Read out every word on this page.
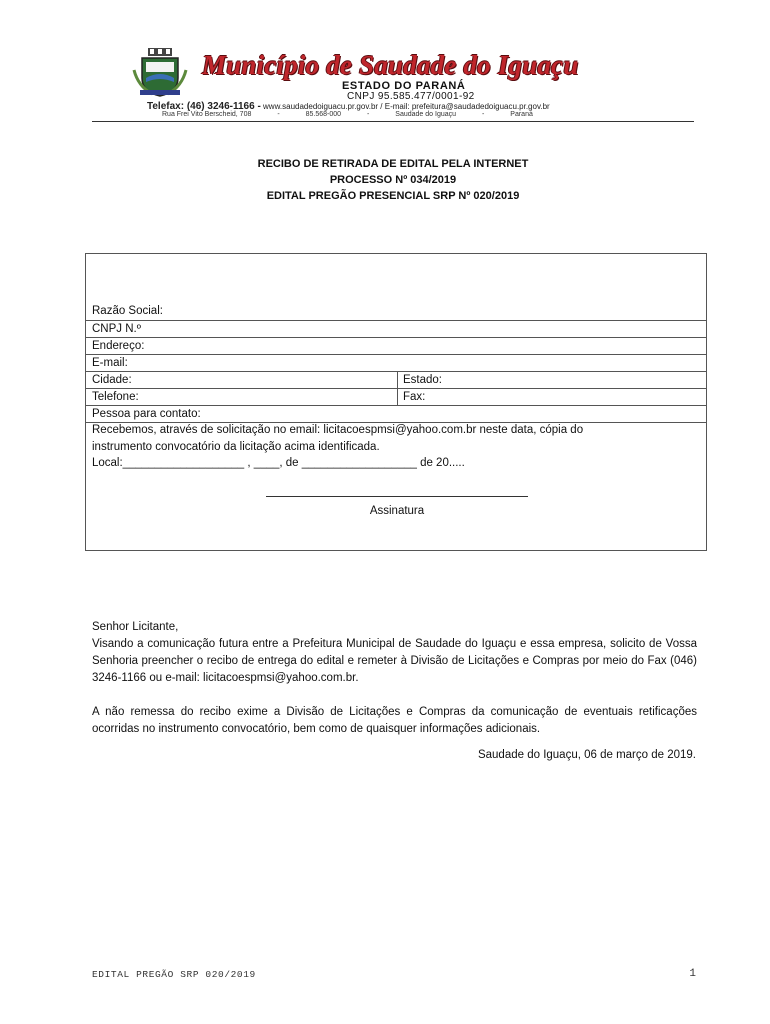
Município de Saudade do Iguaçu
ESTADO DO PARANÁ
CNPJ 95.585.477/0001-92
Telefax: (46) 3246-1166 - www.saudadedoiguacu.pr.gov.br / E-mail: prefeitura@saudadedoiguacu.pr.gov.br
Rua Frei Vito Berscheid, 708	-	85.568-000	-	Saudade do Iguaçu	-	Paraná
RECIBO DE RETIRADA DE EDITAL PELA INTERNET
PROCESSO Nº 034/2019
EDITAL PREGÃO PRESENCIAL SRP Nº 020/2019
Razão Social:
CNPJ N.º
Endereço:
E-mail:
Cidade:	Estado:
Telefone:	Fax:
Pessoa para contato:
Recebemos, através de solicitação no email: licitacoespmsi@yahoo.com.br neste data, cópia do
instrumento convocatório da licitação acima identificada.
Local:___________________ , ____, de __________________ de 20.....
Assinatura

Senhor Licitante,

Visando a comunicação futura entre a Prefeitura Municipal de Saudade do Iguaçu e essa empresa, solicito de Vossa Senhoria preencher o recibo de entrega do edital e remeter à Divisão de Licitações e Compras por meio do Fax (046) 3246-1166 ou e-mail: licitacoespmsi@yahoo.com.br.

A não remessa do recibo exime a Divisão de Licitações e Compras da comunicação de eventuais retificações ocorridas no instrumento convocatório, bem como de quaisquer informações adicionais.

Saudade do Iguaçu, 06 de março de 2019.
EDITAL PREGÃO SRP 020/2019	1
